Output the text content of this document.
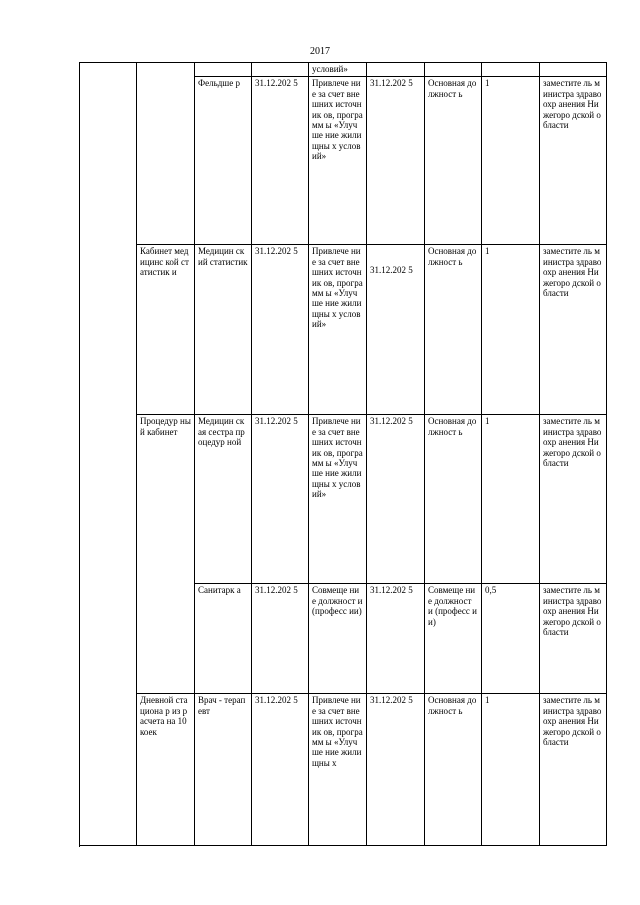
2017

				условий»				

		Фельдше р	31.12.202 5	Привлече ние за счет внешних источник ов, программ ы «Улучше ние жилищны х условий»	31.12.202 5	Основная должност ь	1	заместите ль министра здравоохр анения Нижегоро дской области

	Кабинет медицинс кой статистик и	Медицин ский статистик	31.12.202 5	Привлече ние за счет внешних источник ов, программ ы «Улучше ние жилищны х условий»	31.12.202 5	Основная должност ь	1	заместите ль министра здравоохр анения Нижегоро дской области

	Процедур ный кабинет	Медицин ская сестра процедур ной	31.12.202 5	Привлече ние за счет внешних источник ов, программ ы «Улучше ние жилищны х условий»	31.12.202 5	Основная должност ь	1	заместите ль министра здравоохр анения Нижегоро дской области

		Санитарк а	31.12.202 5	Совмеще ние должност и (професс ии)	31.12.202 5	Совмеще ние должност и (професс ии)	0,5	заместите ль министра здравоохр анения Нижегоро дской области

	Дневной стациона р из расчета на 10 коек	Врач - терапевт	31.12.202 5	Привлече ние за счет внешних источник ов, программ ы «Улучше ние жилищны х	31.12.202 5	Основная должност ь	1	заместите ль министра здравоохр анения Нижегоро дской области
